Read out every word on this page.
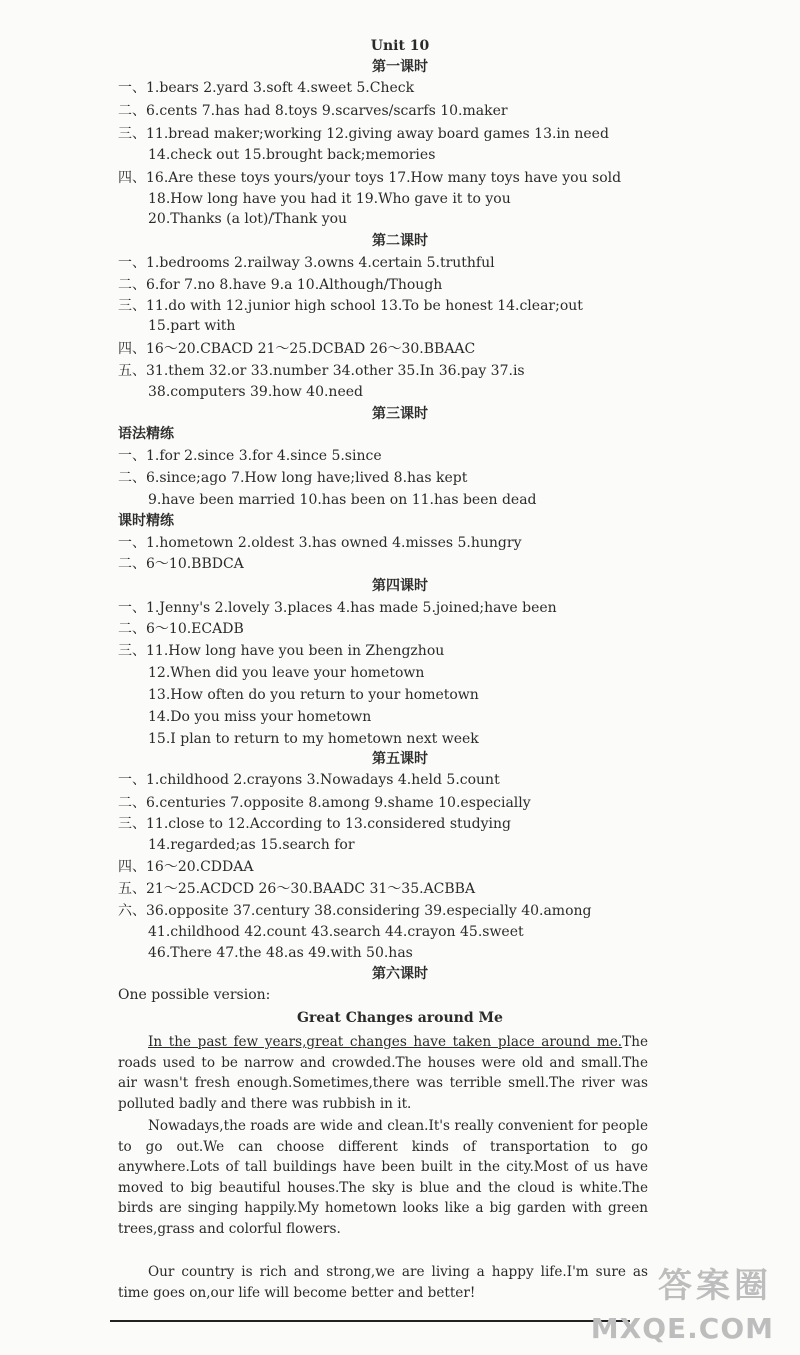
Unit 10
第一课时
一、1.bears 2.yard 3.soft 4.sweet 5.Check
二、6.cents 7.has had 8.toys 9.scarves/scarfs 10.maker
三、11.bread maker;working 12.giving away board games 13.in need
14.check out 15.brought back;memories
四、16.Are these toys yours/your toys 17.How many toys have you sold
18.How long have you had it 19.Who gave it to you
20.Thanks (a lot)/Thank you
第二课时
一、1.bedrooms 2.railway 3.owns 4.certain 5.truthful
二、6.for 7.no 8.have 9.a 10.Although/Though
三、11.do with 12.junior high school 13.To be honest 14.clear;out
15.part with
四、16～20.CBACD 21～25.DCBAD 26～30.BBAAC
五、31.them 32.or 33.number 34.other 35.In 36.pay 37.is
38.computers 39.how 40.need
第三课时
语法精练
一、1.for 2.since 3.for 4.since 5.since
二、6.since;ago 7.How long have;lived 8.has kept
9.have been married 10.has been on 11.has been dead
课时精练
一、1.hometown 2.oldest 3.has owned 4.misses 5.hungry
二、6～10.BBDCA
第四课时
一、1.Jenny's 2.lovely 3.places 4.has made 5.joined;have been
二、6～10.ECADB
三、11.How long have you been in Zhengzhou
12.When did you leave your hometown
13.How often do you return to your hometown
14.Do you miss your hometown
15.I plan to return to my hometown next week
第五课时
一、1.childhood 2.crayons 3.Nowadays 4.held 5.count
二、6.centuries 7.opposite 8.among 9.shame 10.especially
三、11.close to 12.According to 13.considered studying
14.regarded;as 15.search for
四、16～20.CDDAA
五、21～25.ACDCD 26～30.BAADC 31～35.ACBBA
六、36.opposite 37.century 38.considering 39.especially 40.among
41.childhood 42.count 43.search 44.crayon 45.sweet
46.There 47.the 48.as 49.with 50.has
第六课时
One possible version:
Great Changes around Me
In the past few years,great changes have taken place around me.The roads used to be narrow and crowded.The houses were old and small.The air wasn't fresh enough.Sometimes,there was terrible smell.The river was polluted badly and there was rubbish in it.
Nowadays,the roads are wide and clean.It's really convenient for people to go out.We can choose different kinds of transportation to go anywhere.Lots of tall buildings have been built in the city.Most of us have moved to big beautiful houses.The sky is blue and the cloud is white.The birds are singing happily.My hometown looks like a big garden with green trees,grass and colorful flowers.
Our country is rich and strong,we are living a happy life.I'm sure as time goes on,our life will become better and better!	答案圈
MXQE.COM
